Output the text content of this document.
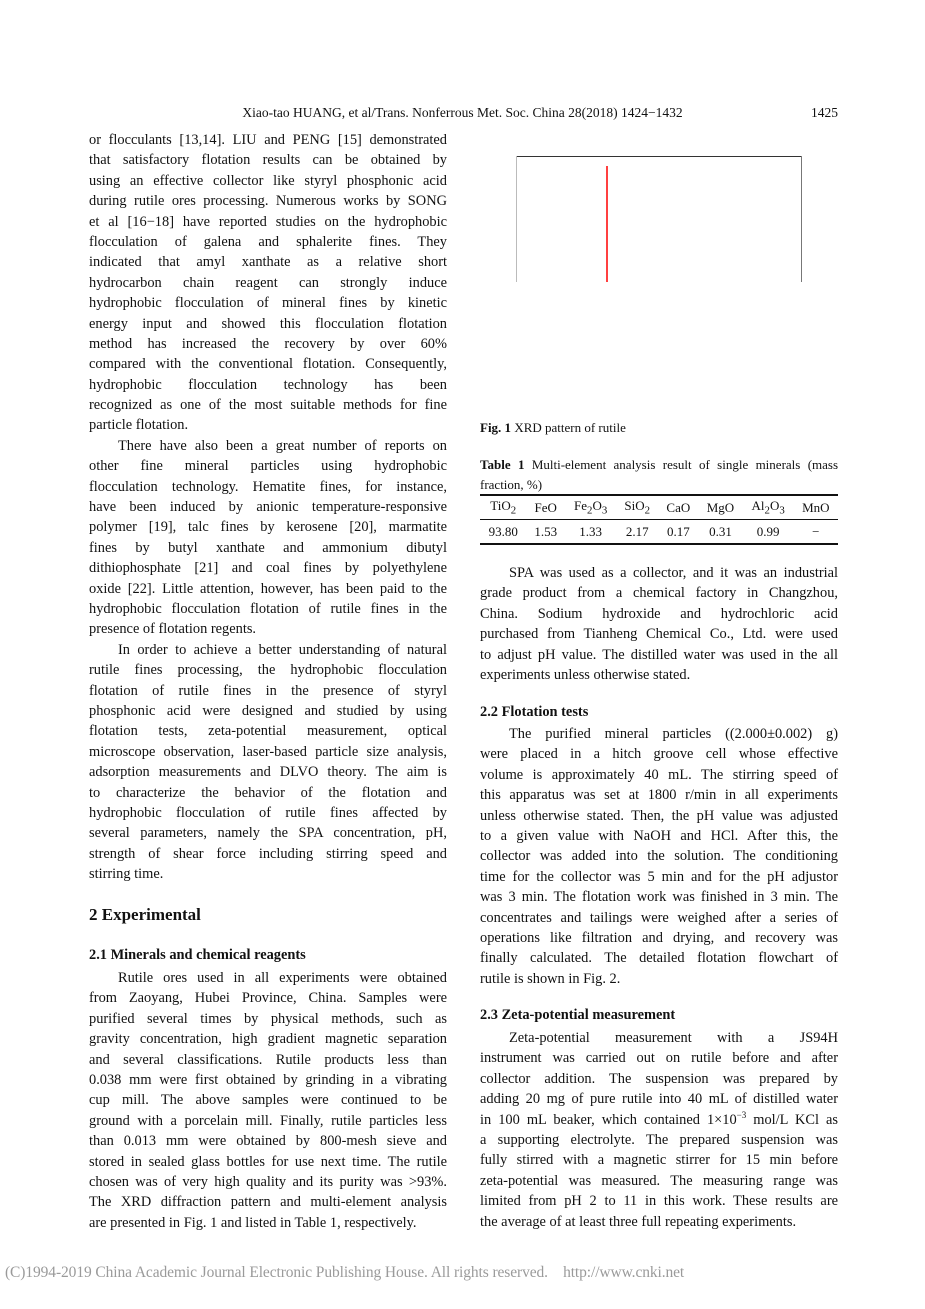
Xiao-tao HUANG, et al/Trans. Nonferrous Met. Soc. China 28(2018) 1424−1432	1425
or flocculants [13,14]. LIU and PENG [15] demonstrated
that satisfactory flotation results can be obtained by
using an effective collector like styryl phosphonic acid
during rutile ores processing. Numerous works by SONG
et al [16−18] have reported studies on the hydrophobic
flocculation of galena and sphalerite fines. They
indicated that amyl xanthate as a relative short
hydrocarbon chain reagent can strongly induce
hydrophobic flocculation of mineral fines by kinetic
energy input and showed this flocculation flotation
method has increased the recovery by over 60%
compared with the conventional flotation. Consequently,
hydrophobic flocculation technology has been
recognized as one of the most suitable methods for fine
particle flotation.
There have also been a great number of reports on
other fine mineral particles using hydrophobic
flocculation technology. Hematite fines, for instance,
have been induced by anionic temperature-responsive
polymer [19], talc fines by kerosene [20], marmatite
fines by butyl xanthate and ammonium dibutyl
dithiophosphate [21] and coal fines by polyethylene
oxide [22]. Little attention, however, has been paid to the
hydrophobic flocculation flotation of rutile fines in the
presence of flotation regents.
In order to achieve a better understanding of natural
rutile fines processing, the hydrophobic flocculation
flotation of rutile fines in the presence of styryl
phosphonic acid were designed and studied by using
flotation tests, zeta-potential measurement, optical
microscope observation, laser-based particle size analysis,
adsorption measurements and DLVO theory. The aim is
to characterize the behavior of the flotation and
hydrophobic flocculation of rutile fines affected by
several parameters, namely the SPA concentration, pH,
strength of shear force including stirring speed and
stirring time.
2 Experimental
2.1 Minerals and chemical reagents
Rutile ores used in all experiments were obtained
from Zaoyang, Hubei Province, China. Samples were
purified several times by physical methods, such as
gravity concentration, high gradient magnetic separation
and several classifications. Rutile products less than
0.038 mm were first obtained by grinding in a vibrating
cup mill. The above samples were continued to be
ground with a porcelain mill. Finally, rutile particles less
than 0.013 mm were obtained by 800-mesh sieve and
stored in sealed glass bottles for use next time. The rutile
chosen was of very high quality and its purity was >93%.
The XRD diffraction pattern and multi-element analysis
are presented in Fig. 1 and listed in Table 1, respectively.
Fig. 1 XRD pattern of rutile
Table 1 Multi-element analysis result of single minerals (mass
fraction, %)
TiO$_2$	FeO	$Fe_2O_3$	SiO$_2$	CaO	MgO	$Al_2O_3$	MnO
93.80	1.53	1.33	2.17	0.17	0.31	0.99	−
SPA was used as a collector, and it was an industrial
grade product from a chemical factory in Changzhou,
China. Sodium hydroxide and hydrochloric acid
purchased from Tianheng Chemical Co., Ltd. were used
to adjust pH value. The distilled water was used in the all
experiments unless otherwise stated.
2.2 Flotation tests
The purified mineral particles ((2.000±0.002) g)
were placed in a hitch groove cell whose effective
volume is approximately 40 mL. The stirring speed of
this apparatus was set at 1800 r/min in all experiments
unless otherwise stated. Then, the pH value was adjusted
to a given value with NaOH and HCl. After this, the
collector was added into the solution. The conditioning
time for the collector was 5 min and for the pH adjustor
was 3 min. The flotation work was finished in 3 min. The
concentrates and tailings were weighed after a series of
operations like filtration and drying, and recovery was
finally calculated. The detailed flotation flowchart of
rutile is shown in Fig. 2.
2.3 Zeta-potential measurement
Zeta-potential measurement with a JS94H
instrument was carried out on rutile before and after
collector addition. The suspension was prepared by
adding 20 mg of pure rutile into 40 mL of distilled water
in 100 mL beaker, which contained $1\times 10^{-3}$ mol/L KCl as
a supporting electrolyte. The prepared suspension was
fully stirred with a magnetic stirrer for 15 min before
zeta-potential was measured. The measuring range was
limited from pH 2 to 11 in this work. These results are
the average of at least three full repeating experiments.
(C)1994-2019 China Academic Journal Electronic Publishing House. All rights reserved. http://www.cnki.net
